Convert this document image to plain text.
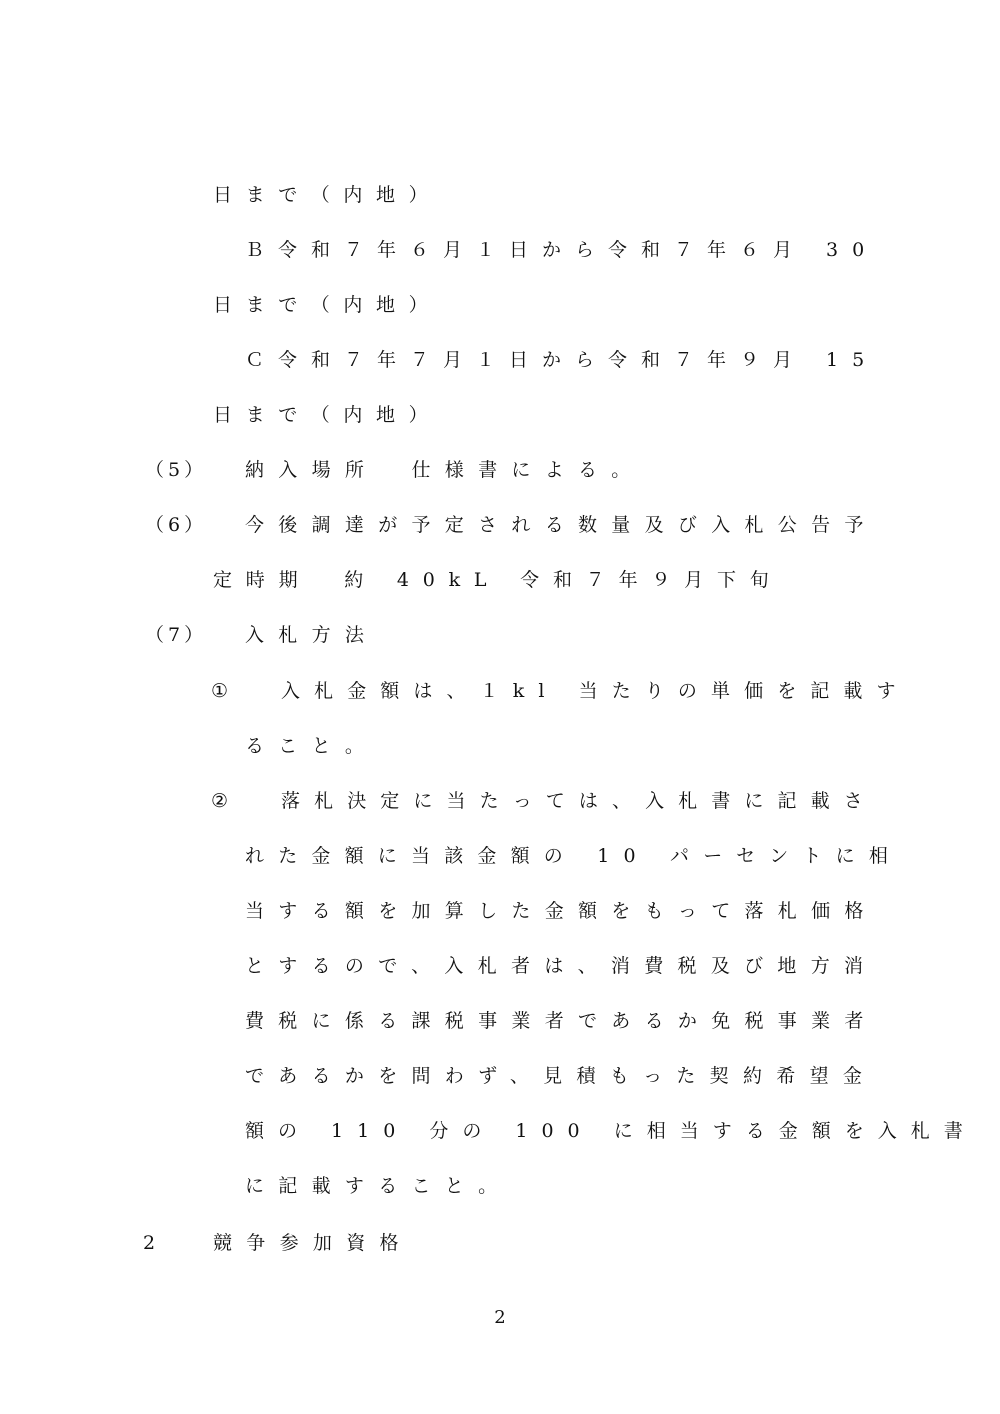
日まで（内地）

Ｂ令和７年６月１日から令和７年６月 30

日まで（内地）

Ｃ令和７年７月１日から令和７年９月 15

日まで（内地）

（5） 納入場所　仕様書による。

（6） 今後調達が予定される数量及び入札公告予

定時期　約 40kL 令和７年９月下旬

（7） 入札方法

①	入札金額は、１kl 当たりの単価を記載す

ること。

②	落札決定に当たっては、入札書に記載さ

れた金額に当該金額の 10 パーセントに相

当する額を加算した金額をもって落札価格

とするので、入札者は、消費税及び地方消

費税に係る課税事業者であるか免税事業者

であるかを問わず、見積もった契約希望金

額の 110 分の 100 に相当する金額を入札書

に記載すること。

2	競争参加資格

2
